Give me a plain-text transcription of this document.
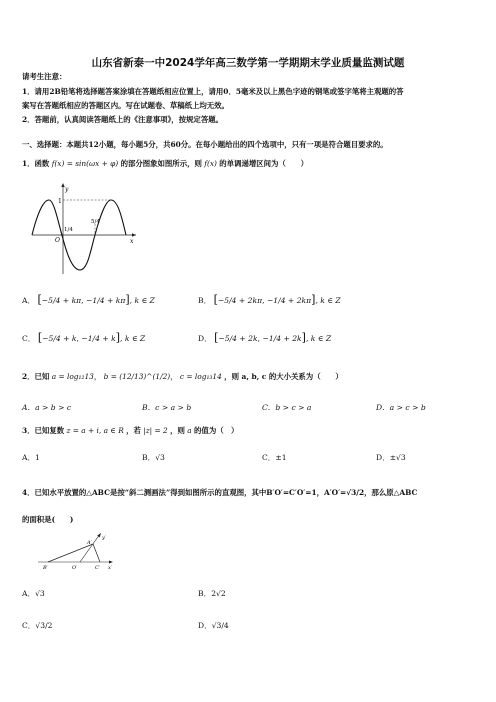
山东省新泰一中2024学年高三数学第一学期期末学业质量监测试题
请考生注意：
1．请用2B铅笔将选择题答案涂填在答题纸相应位置上，请用0．5毫米及以上黑色字迹的钢笔或签字笔将主观题的答
案写在答题纸相应的答题区内。写在试题卷、草稿纸上均无效。
2．答题前，认真阅读答题纸上的《注意事项》，按规定答题。
一、选择题：本题共12小题，每小题5分，共60分。在每小题给出的四个选项中，只有一项是符合题目要求的。
1．函数 f(x) = sin(ωx + φ) 的部分图象如图所示，则 f(x) 的单调递增区间为（　　）
y
1
O	x
1/4
5/4
A． [−5/4 + kπ, −1/4 + kπ], k ∈ Z	B． [−5/4 + 2kπ, −1/4 + 2kπ], k ∈ Z
C． [−5/4 + k, −1/4 + k], k ∈ Z	D． [−5/4 + 2k, −1/4 + 2k], k ∈ Z
2．已知 a = log₁₂13， b = (12/13)^(1/2)， c = log₁₃14 ，则 a, b, c 的大小关系为（　　）
A．a > b > c	B．c > a > b	C．b > c > a	D．a > c > b
3．已知复数 z = a + i, a ∈ R ，若 |z| = 2 ，则 a 的值为（　）
A．1	B．√3	C．±1	D．±√3
4．已知水平放置的△ABC是按“斜二测画法”得到如图所示的直观图，其中B′O′=C′O′=1，A′O′=√3/2，那么原△ABC
的面积是(　　)
y′
A′
B′	O′	C′ x′
A．√3	B．2√2
C．√3/2	D．√3/4
